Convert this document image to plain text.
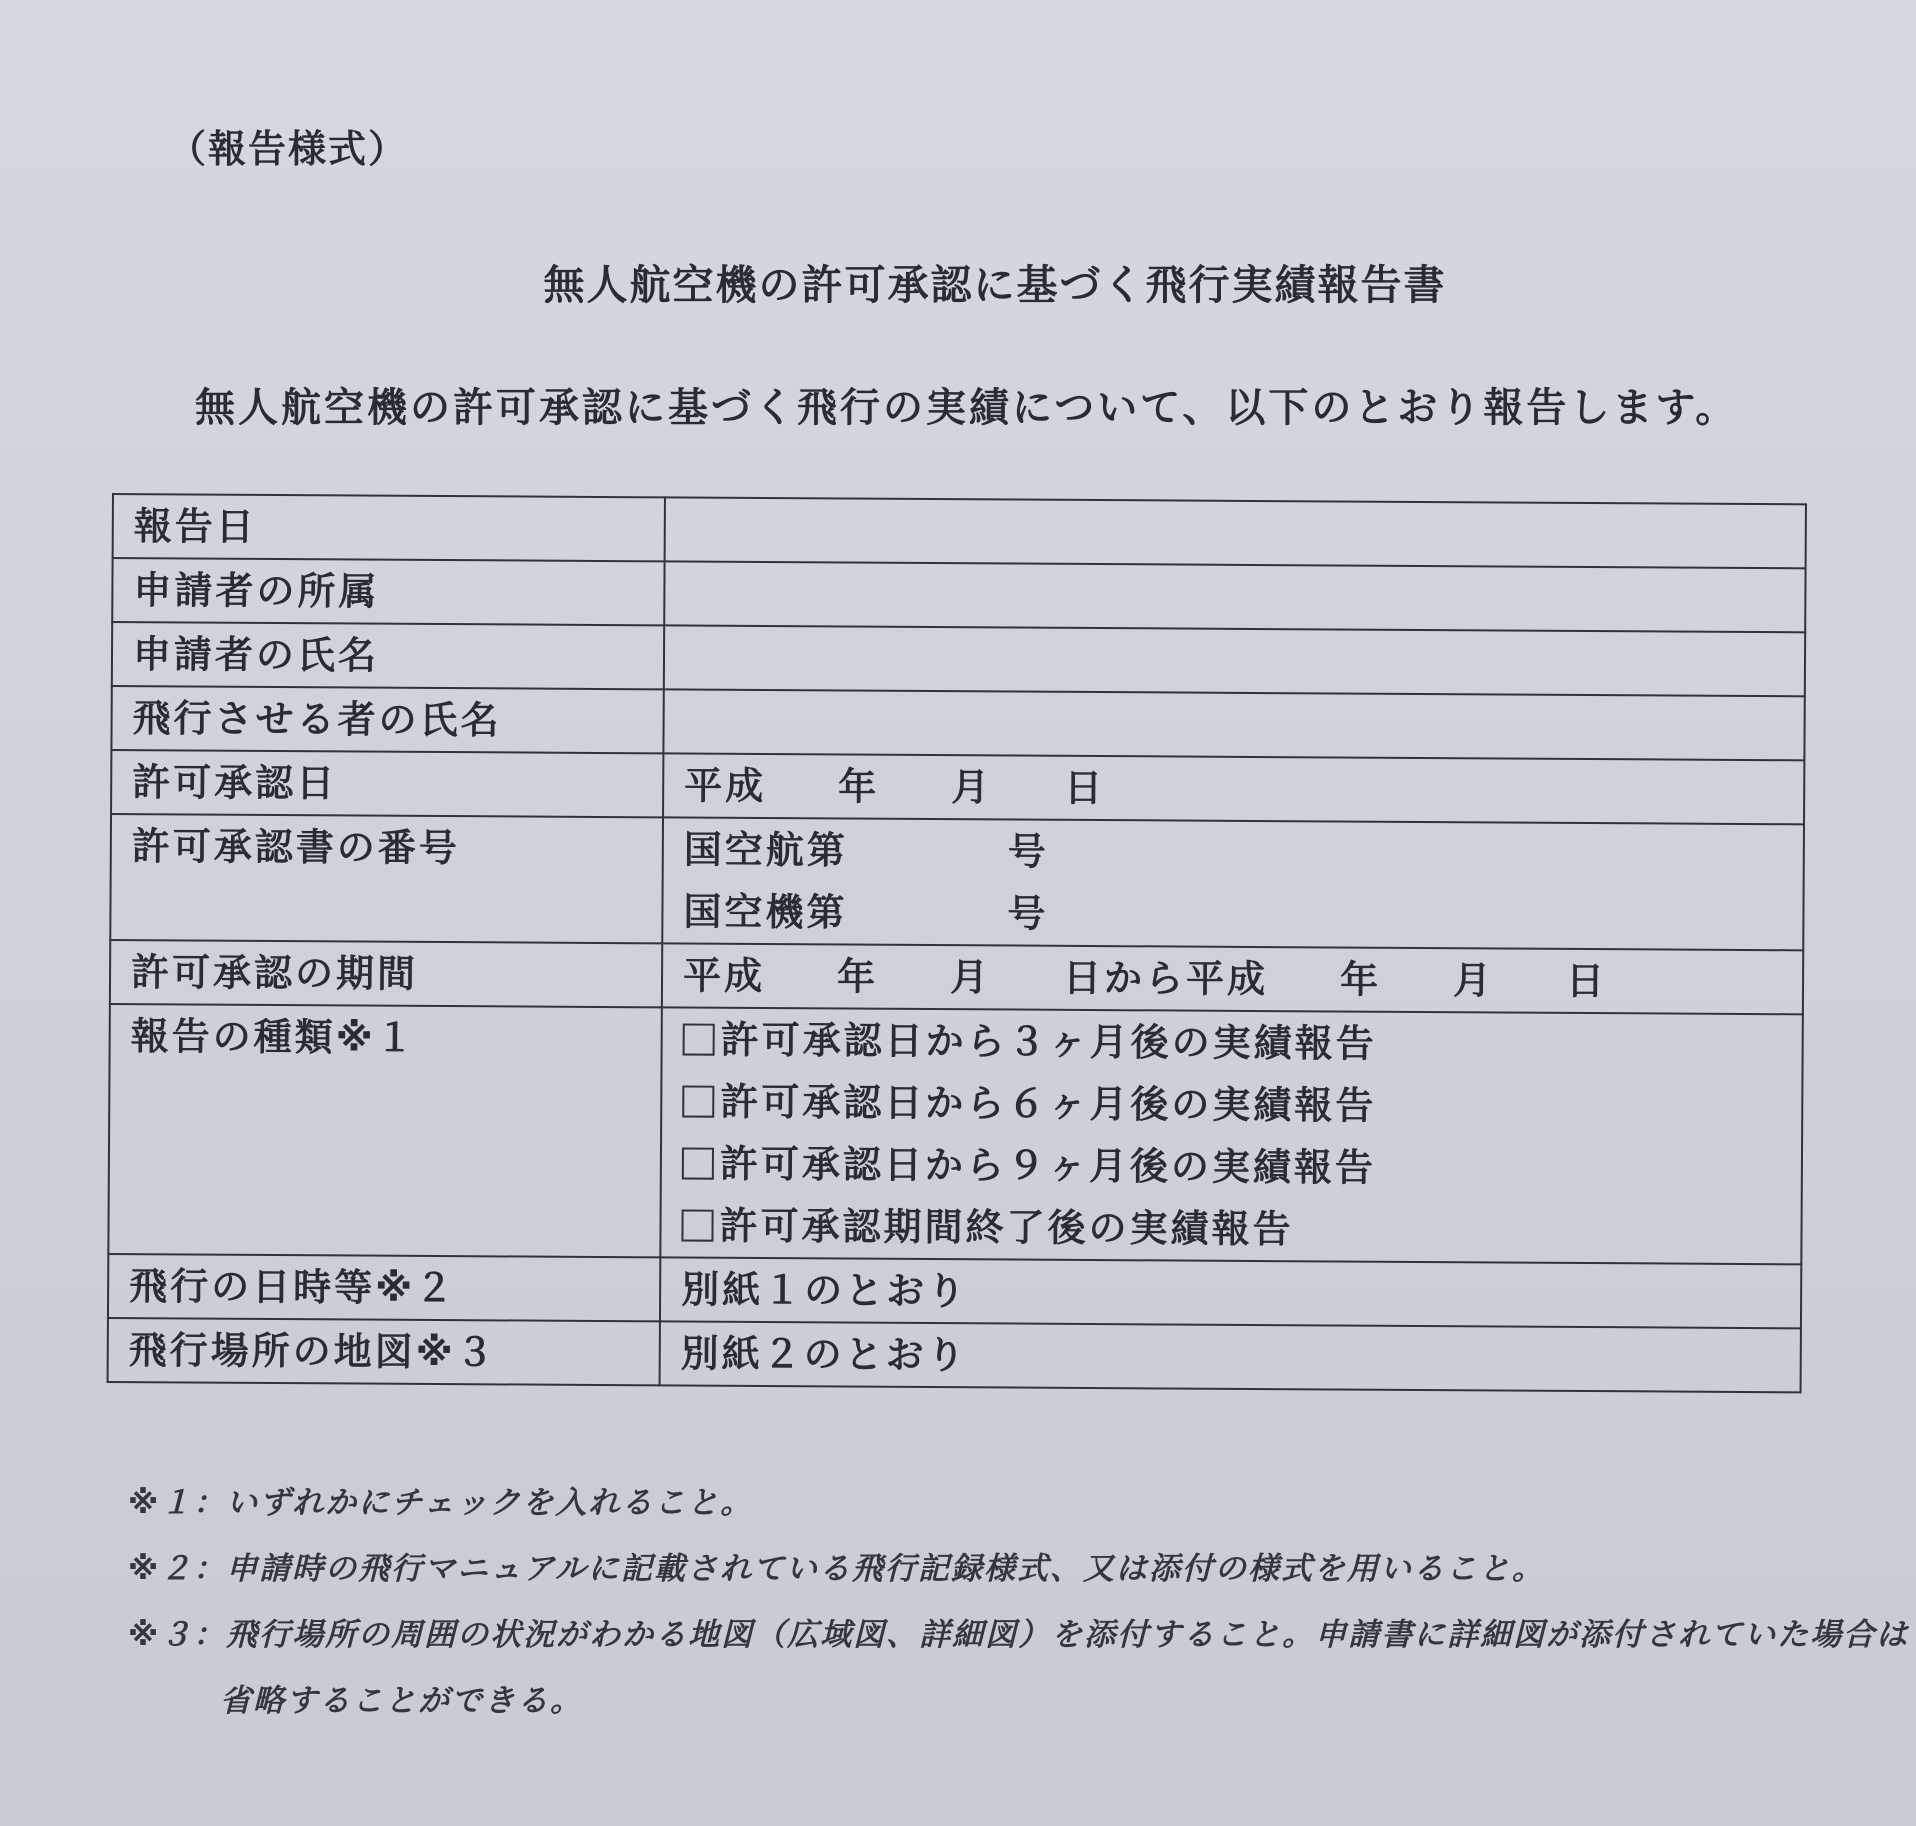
（報告様式）
無人航空機の許可承認に基づく飛行実績報告書
無人航空機の許可承認に基づく飛行の実績について、以下のとおり報告します。
報告日	
申請者の所属	
申請者の氏名	
飛行させる者の氏名	
許可承認日	平成 年 月 日
許可承認書の番号	国空航第 号
国空機第 号

許可承認の期間	平成 年 月 日から平成 年 月 日
報告の種類※１	許可承認日から３ヶ月後の実績報告
許可承認日から６ヶ月後の実績報告
許可承認日から９ヶ月後の実績報告
許可承認期間終了後の実績報告

飛行の日時等※２	別紙１のとおり
飛行場所の地図※３	別紙２のとおり
※１：いずれかにチェックを入れること。
※２：申請時の飛行マニュアルに記載されている飛行記録様式、又は添付の様式を用いること。
※３：飛行場所の周囲の状況がわかる地図（広域図、詳細図）を添付すること。申請書に詳細図が添付されていた場合は
省略することができる。
